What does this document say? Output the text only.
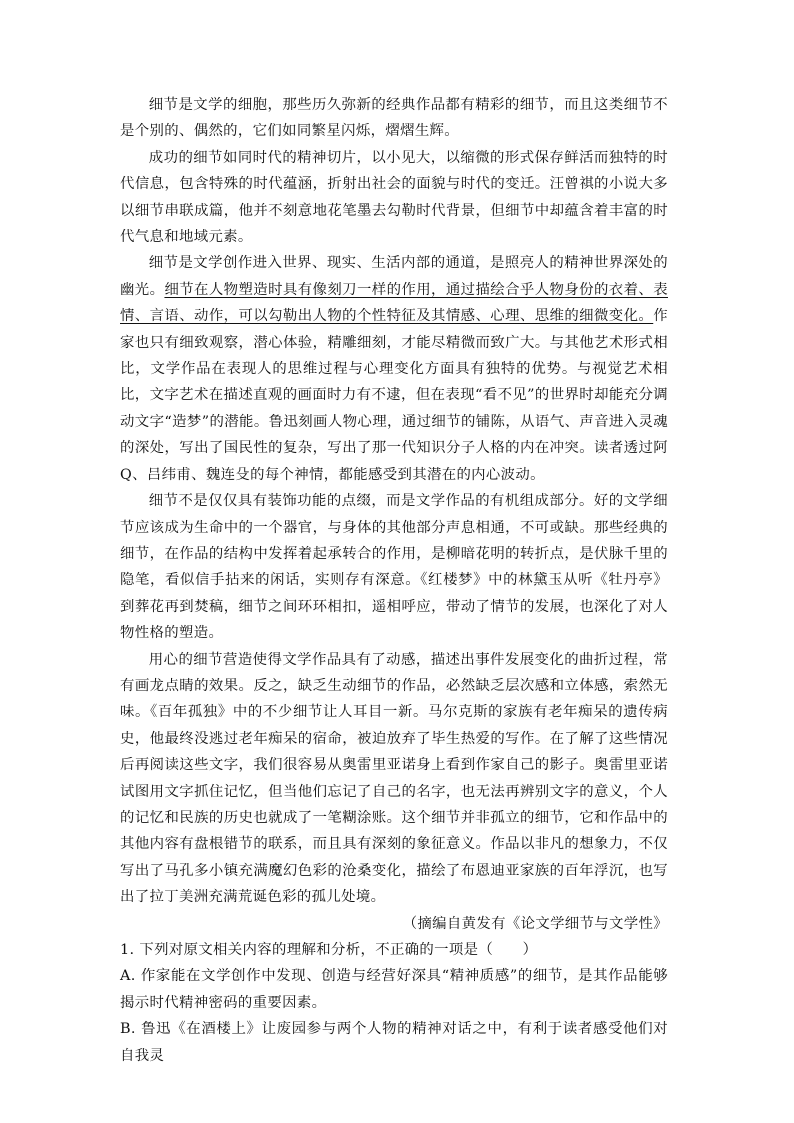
细节是文学的细胞，那些历久弥新的经典作品都有精彩的细节，而且这类细节不是个别的、偶然的，它们如同繁星闪烁，熠熠生辉。

成功的细节如同时代的精神切片，以小见大，以缩微的形式保存鲜活而独特的时代信息，包含特殊的时代蕴涵，折射出社会的面貌与时代的变迁。汪曾祺的小说大多以细节串联成篇，他并不刻意地花笔墨去勾勒时代背景，但细节中却蕴含着丰富的时代气息和地域元素。

细节是文学创作进入世界、现实、生活内部的通道，是照亮人的精神世界深处的幽光。细节在人物塑造时具有像刻刀一样的作用，通过描绘合乎人物身份的衣着、表情、言语、动作，可以勾勒出人物的个性特征及其情感、心理、思维的细微变化。作家也只有细致观察，潜心体验，精雕细刻，才能尽精微而致广大。与其他艺术形式相比，文学作品在表现人的思维过程与心理变化方面具有独特的优势。与视觉艺术相比，文字艺术在描述直观的画面时力有不逮，但在表现“看不见”的世界时却能充分调动文字“造梦”的潜能。鲁迅刻画人物心理，通过细节的铺陈，从语气、声音进入灵魂的深处，写出了国民性的复杂，写出了那一代知识分子人格的内在冲突。读者透过阿 Q、吕纬甫、魏连殳的每个神情，都能感受到其潜在的内心波动。

细节不是仅仅具有装饰功能的点缀，而是文学作品的有机组成部分。好的文学细节应该成为生命中的一个器官，与身体的其他部分声息相通，不可或缺。那些经典的细节，在作品的结构中发挥着起承转合的作用，是柳暗花明的转折点，是伏脉千里的隐笔，看似信手拈来的闲话，实则存有深意。《红楼梦》中的林黛玉从听《牡丹亭》到葬花再到焚稿，细节之间环环相扣，遥相呼应，带动了情节的发展，也深化了对人物性格的塑造。

用心的细节营造使得文学作品具有了动感，描述出事件发展变化的曲折过程，常有画龙点睛的效果。反之，缺乏生动细节的作品，必然缺乏层次感和立体感，索然无味。《百年孤独》中的不少细节让人耳目一新。马尔克斯的家族有老年痴呆的遗传病史，他最终没逃过老年痴呆的宿命，被迫放弃了毕生热爱的写作。在了解了这些情况后再阅读这些文字，我们很容易从奥雷里亚诺身上看到作家自己的影子。奥雷里亚诺试图用文字抓住记忆，但当他们忘记了自己的名字，也无法再辨别文字的意义，个人的记忆和民族的历史也就成了一笔糊涂账。这个细节并非孤立的细节，它和作品中的其他内容有盘根错节的联系，而且具有深刻的象征意义。作品以非凡的想象力，不仅写出了马孔多小镇充满魔幻色彩的沧桑变化，描绘了布恩迪亚家族的百年浮沉，也写出了拉丁美洲充满荒诞色彩的孤儿处境。

（摘编自黄发有《论文学细节与文学性》

1. 下列对原文相关内容的理解和分析，不正确的一项是（　　）

A. 作家能在文学创作中发现、创造与经营好深具“精神质感”的细节，是其作品能够揭示时代精神密码的重要因素。

B. 鲁迅《在酒楼上》让废园参与两个人物的精神对话之中，有利于读者感受他们对自我灵
